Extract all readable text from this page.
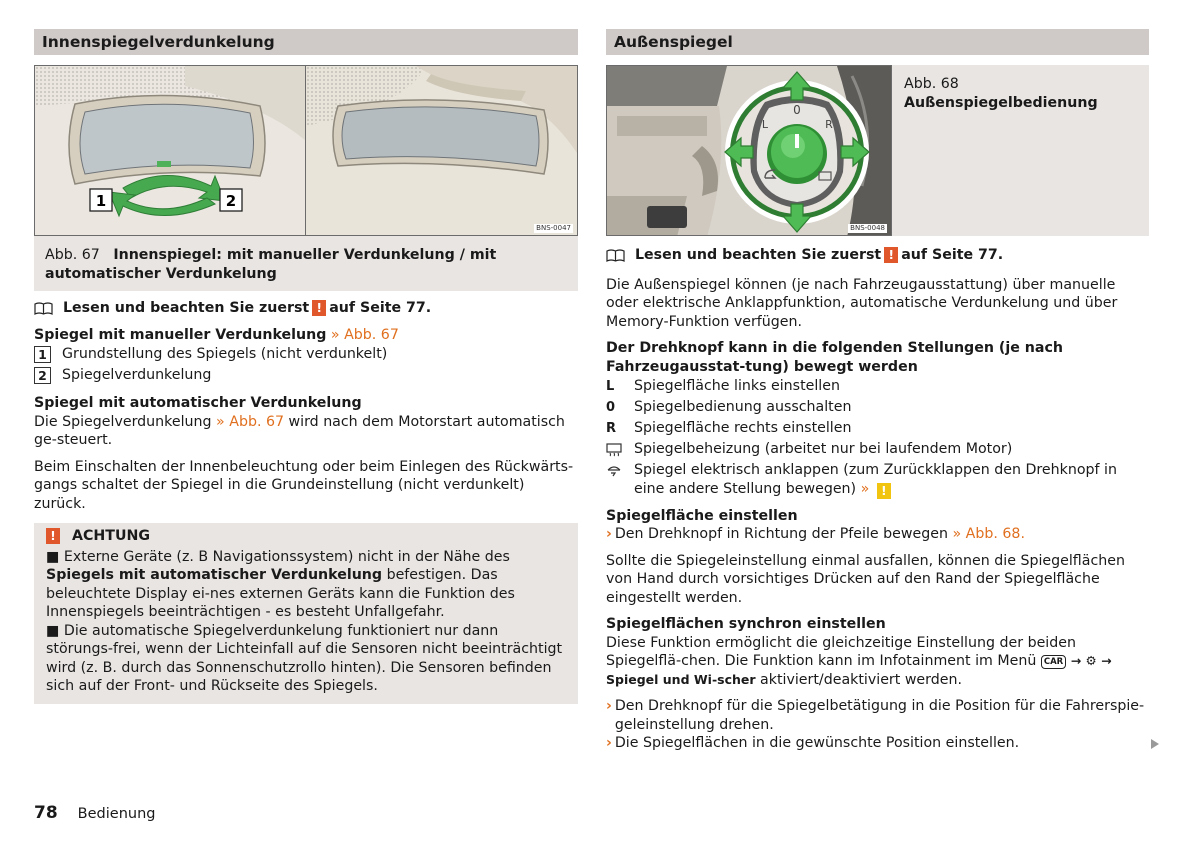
Innenspiegelverdunkelung
1	2
BNS-0047
Abb. 67 Innenspiegel: mit manueller Verdunkelung / mit automatischer Verdunkelung
Lesen und beachten Sie zuerst ! auf Seite 77.
Spiegel mit manueller Verdunkelung » Abb. 67
1 Grundstellung des Spiegels (nicht verdunkelt)
2 Spiegelverdunkelung
Spiegel mit automatischer Verdunkelung
Die Spiegelverdunkelung » Abb. 67 wird nach dem Motorstart automatisch ge-steuert.
Beim Einschalten der Innenbeleuchtung oder beim Einlegen des Rückwärts-gangs schaltet der Spiegel in die Grundeinstellung (nicht verdunkelt) zurück.
!	ACHTUNG
■ Externe Geräte (z. B Navigationssystem) nicht in der Nähe des Spiegels mit automatischer Verdunkelung befestigen. Das beleuchtete Display ei-nes externen Geräts kann die Funktion des Innenspiegels beeinträchtigen - es besteht Unfallgefahr.
■ Die automatische Spiegelverdunkelung funktioniert nur dann störungs-frei, wenn der Lichteinfall auf die Sensoren nicht beeinträchtigt wird (z. B. durch das Sonnenschutzrollo hinten). Die Sensoren befinden sich auf der Front- und Rückseite des Spiegels.
Außenspiegel
0
L	R
BNS-0048
Abb. 68
Außenspiegelbedienung
Lesen und beachten Sie zuerst ! auf Seite 77.
Die Außenspiegel können (je nach Fahrzeugausstattung) über manuelle oder elektrische Anklappfunktion, automatische Verdunkelung und über Memory-Funktion verfügen.
Der Drehknopf kann in die folgenden Stellungen (je nach Fahrzeugausstat-tung) bewegt werden
L	Spiegelfläche links einstellen
0	Spiegelbedienung ausschalten
R	Spiegelfläche rechts einstellen
Spiegelbeheizung (arbeitet nur bei laufendem Motor)
Spiegel elektrisch anklappen (zum Zurückklappen den Drehknopf in eine andere Stellung bewegen) » !
Spiegelfläche einstellen
› Den Drehknopf in Richtung der Pfeile bewegen » Abb. 68.
Sollte die Spiegeleinstellung einmal ausfallen, können die Spiegelflächen von Hand durch vorsichtiges Drücken auf den Rand der Spiegelfläche eingestellt werden.
Spiegelflächen synchron einstellen
Diese Funktion ermöglicht die gleichzeitige Einstellung der beiden Spiegelflä-chen. Die Funktion kann im Infotainment im Menü CAR → ⚙ → Spiegel und Wi-scher aktiviert/deaktiviert werden.
› Den Drehknopf für die Spiegelbetätigung in die Position für die Fahrerspie-geleinstellung drehen.
› Die Spiegelflächen in die gewünschte Position einstellen.
78 Bedienung
